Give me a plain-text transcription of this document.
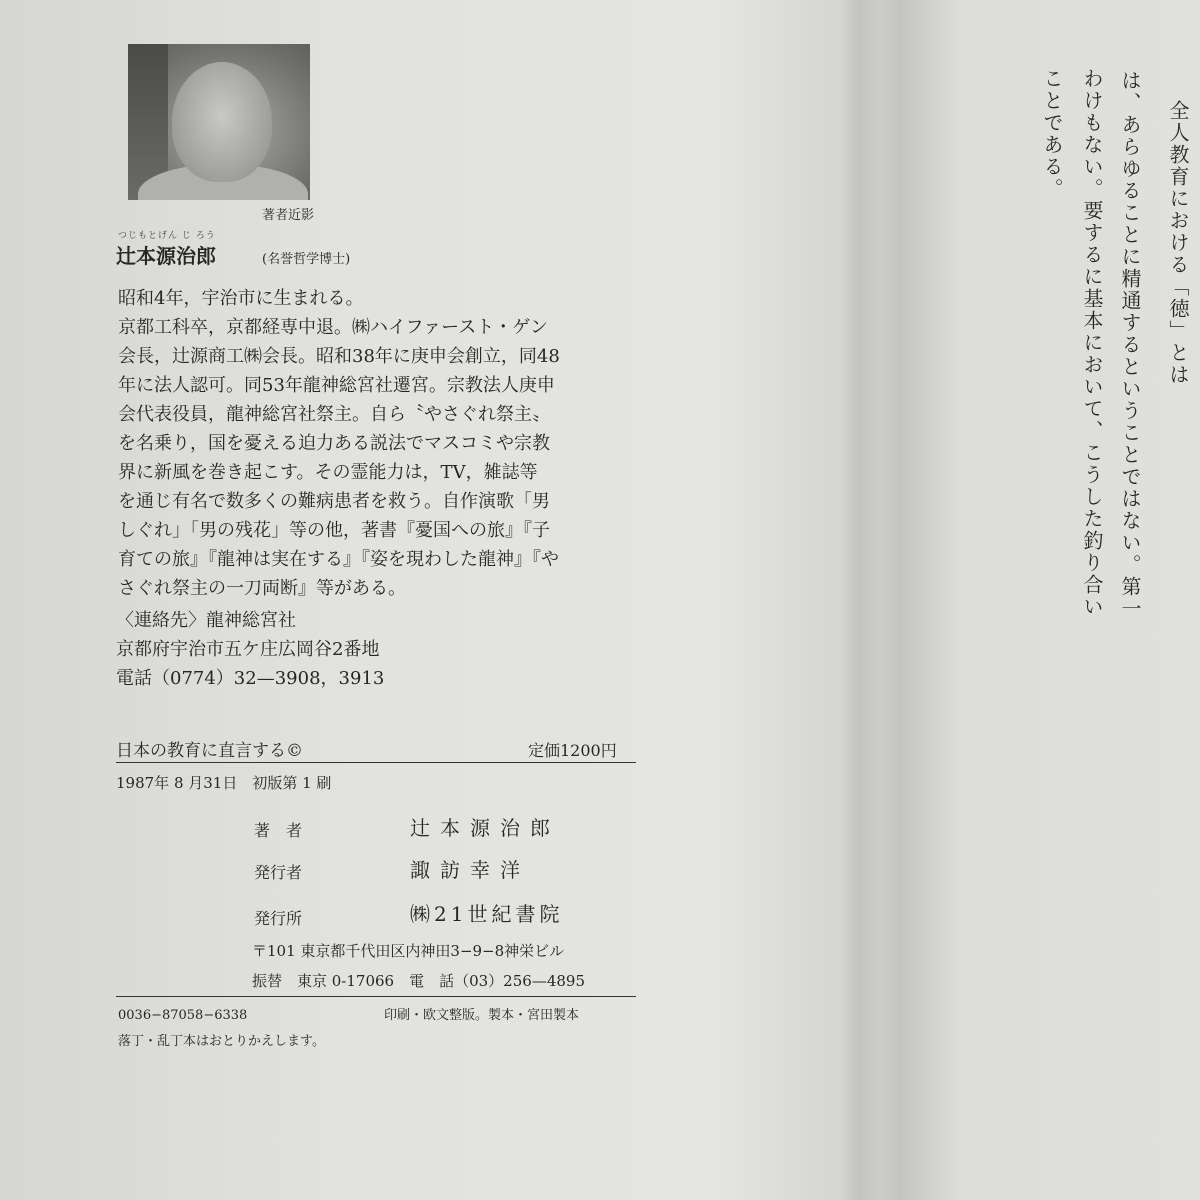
著者近影
つじもとげん じ ろう
辻本源治郎	(名誉哲学博士)
昭和4年，宇治市に生まれる。
京都工科卒，京都経専中退。㈱ハイファースト・ゲン
会長，辻源商工㈱会長。昭和38年に庚申会創立，同48
年に法人認可。同53年龍神総宮社遷宮。宗教法人庚申
会代表役員，龍神総宮社祭主。自ら〝やさぐれ祭主〟
を名乗り，国を憂える迫力ある説法でマスコミや宗教
界に新風を巻き起こす。その霊能力は，TV，雑誌等
を通じ有名で数多くの難病患者を救う。自作演歌「男
しぐれ」「男の残花」等の他，著書『憂国への旅』『子
育ての旅』『龍神は実在する』『姿を現わした龍神』『や
さぐれ祭主の一刀両断』等がある。
〈連絡先〉龍神総宮社
京都府宇治市五ケ庄広岡谷2番地
電話（0774）32—3908，3913
日本の教育に直言する©	定価1200円
1987年 8 月31日　初版第 1 刷
著　者	辻本源治郎
発行者	諏訪幸洋
発行所	㈱21世紀書院
〒101 東京都千代田区内神田3−9−8神栄ビル
振替　東京 0-17066　電　話（03）256—4895
0036−87058−6338	印刷・欧文整版。製本・宮田製本
落丁・乱丁本はおとりかえします。
全人教育における「徳」とは
は、あらゆることに精通するということではない。第一
わけもない。要するに基本において、こうした釣り合い
ことである。
